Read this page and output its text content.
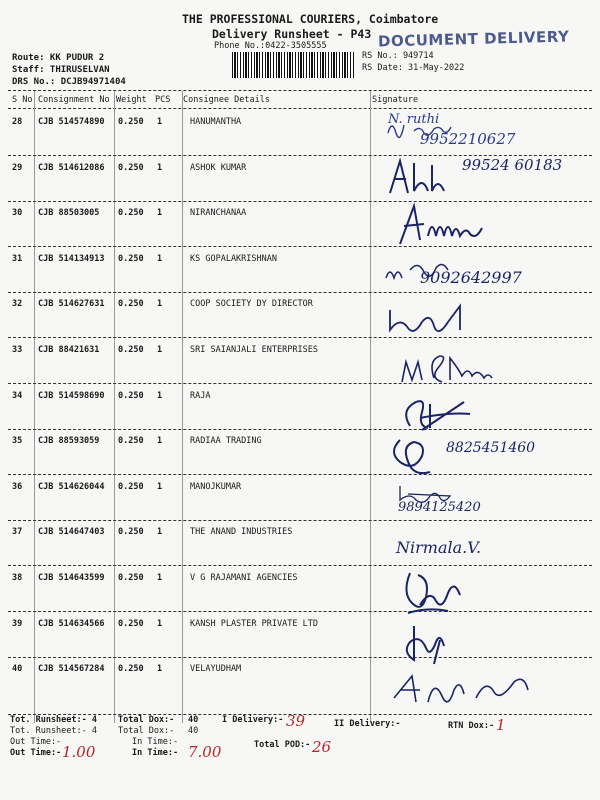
THE PROFESSIONAL COURIERS, Coimbatore
Delivery Runsheet - P43
Phone No.:0422-3505555	DOCUMENT DELIVERY
Route: KK PUDUR 2
Staff: THIRUSELVAN
DRS No.: DCJB94971404
RS No.: 949714
RS Date: 31-May-2022
S No Consignment No Weight PCS Consignee Details	Signature
28 CJB 514574890 0.250 1	HANUMANTHA
29 CJB 514612086 0.250 1	ASHOK KUMAR
30 CJB 88503005 0.250 1	NIRANCHANAA
31 CJB 514134913 0.250 1	KS GOPALAKRISHNAN
32 CJB 514627631 0.250 1	COOP SOCIETY DY DIRECTOR
33 CJB 88421631 0.250 1	SRI SAIANJALI ENTERPRISES
34 CJB 514598690 0.250 1	RAJA
35 CJB 88593059 0.250 1	RADIAA TRADING
36 CJB 514626044 0.250 1	MANOJKUMAR
37 CJB 514647403 0.250 1	THE ANAND INDUSTRIES
38 CJB 514643599 0.250 1	V G RAJAMANI AGENCIES
39 CJB 514634566 0.250 1	KANSH PLASTER PRIVATE LTD
40 CJB 514567284 0.250 1	VELAYUDHAM
N. ruthi
9952210627
99524 60183
9092642997
8825451460
9894125420
Nirmala.V.
Tot. Runsheet:- 4
Tot. Runsheet:- 4
Total Dox:- 40
Total Dox:- 40
I Delivery:- 39	II Delivery:-	RTN Dox:- 1
Out Time:-
Out Time:- 1.00
In Time:-
In Time:- 7.00	Total POD:- 26
